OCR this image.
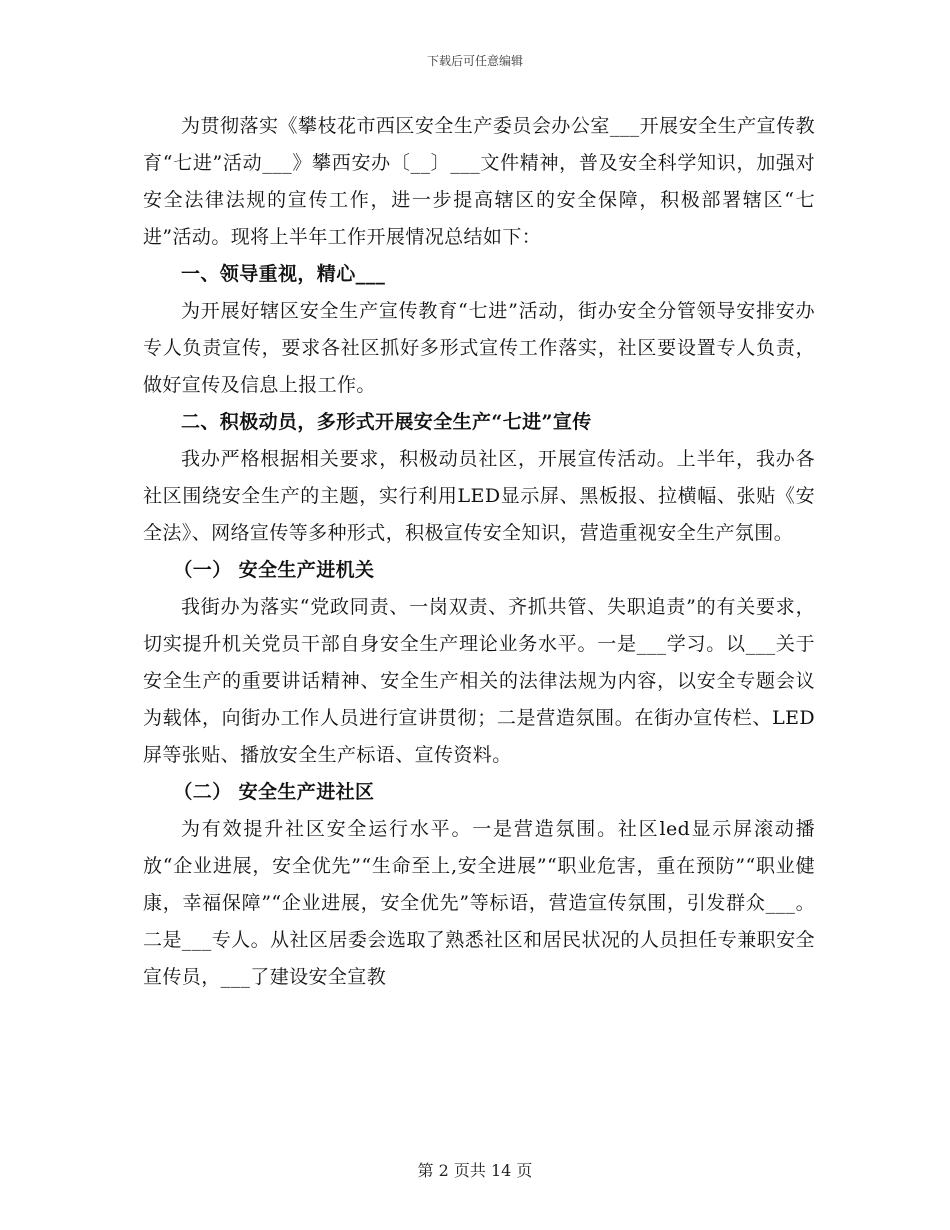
下载后可任意编辑

为贯彻落实《攀枝花市西区安全生产委员会办公室___开展安全生产宣传教育“七进”活动___》攀西安办〔__〕___文件精神，普及安全科学知识，加强对安全法律法规的宣传工作，进一步提高辖区的安全保障，积极部署辖区“七进”活动。现将上半年工作开展情况总结如下：

一、领导重视，精心___

为开展好辖区安全生产宣传教育“七进”活动，街办安全分管领导安排安办专人负责宣传，要求各社区抓好多形式宣传工作落实，社区要设置专人负责，做好宣传及信息上报工作。

二、积极动员，多形式开展安全生产“七进”宣传

我办严格根据相关要求，积极动员社区，开展宣传活动。上半年，我办各社区围绕安全生产的主题，实行利用LED显示屏、黑板报、拉横幅、张贴《安全法》、网络宣传等多种形式，积极宣传安全知识，营造重视安全生产氛围。

（一） 安全生产进机关

我街办为落实“党政同责、一岗双责、齐抓共管、失职追责”的有关要求，切实提升机关党员干部自身安全生产理论业务水平。一是___学习。以___关于安全生产的重要讲话精神、安全生产相关的法律法规为内容，以安全专题会议为载体，向街办工作人员进行宣讲贯彻；二是营造氛围。在街办宣传栏、LED屏等张贴、播放安全生产标语、宣传资料。

（二） 安全生产进社区

为有效提升社区安全运行水平。一是营造氛围。社区led显示屏滚动播放“企业进展，安全优先”“生命至上,安全进展”“职业危害，重在预防”“职业健康，幸福保障”“企业进展，安全优先”等标语，营造宣传氛围，引发群众___。二是___专人。从社区居委会选取了熟悉社区和居民状况的人员担任专兼职安全宣传员，___了建设安全宣教

第 2 页共 14 页
